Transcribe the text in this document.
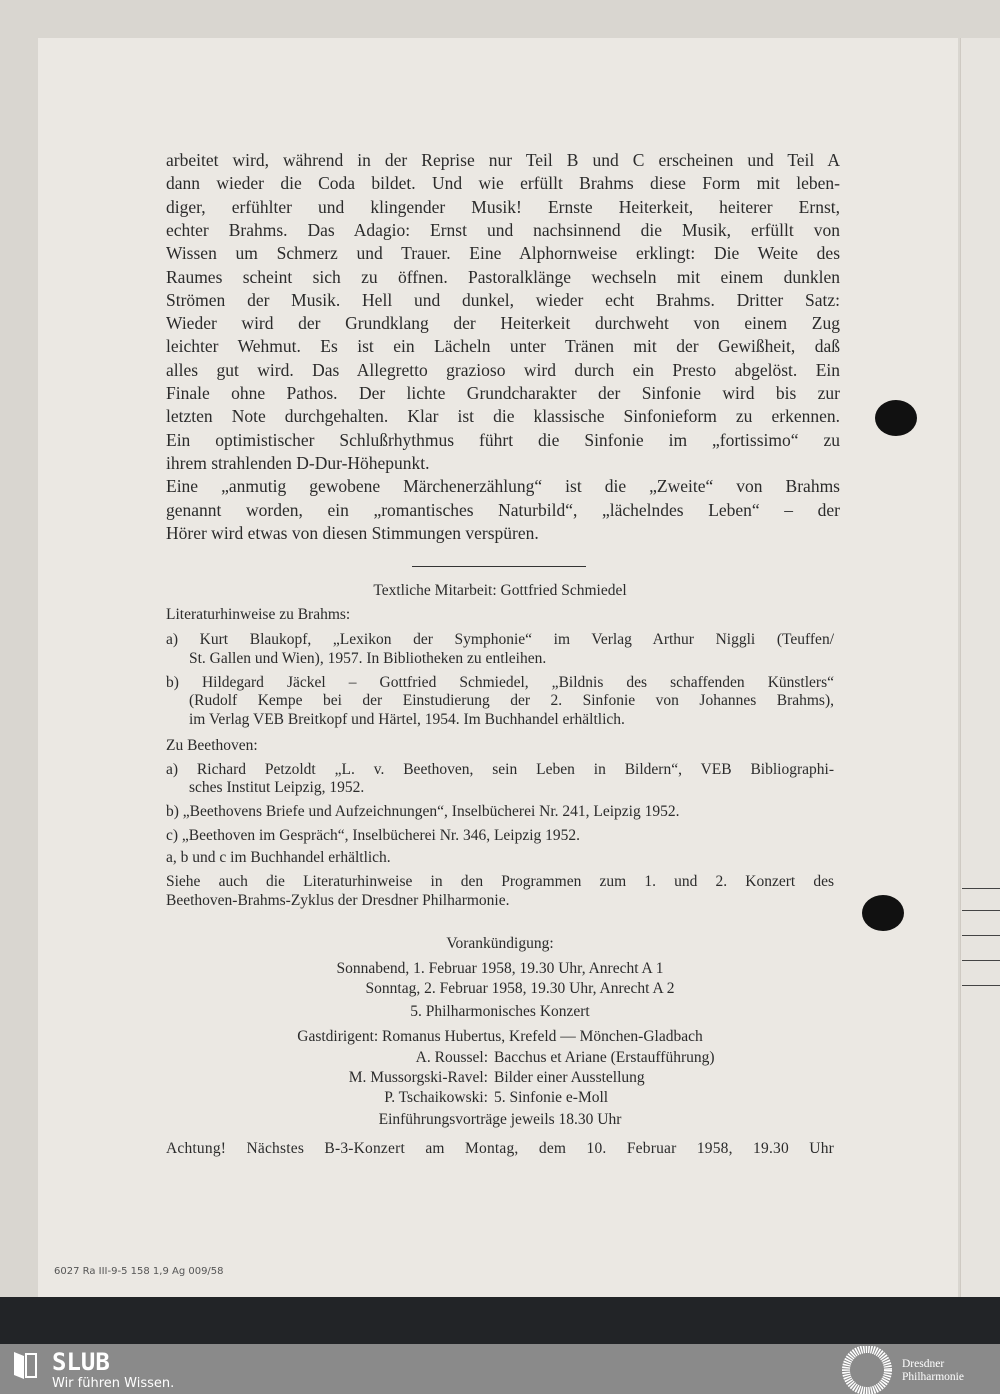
arbeitet wird, während in der Reprise nur Teil B und C erscheinen und Teil A
dann wieder die Coda bildet. Und wie erfüllt Brahms diese Form mit leben-
diger, erfühlter und klingender Musik! Ernste Heiterkeit, heiterer Ernst,
echter Brahms. Das Adagio: Ernst und nachsinnend die Musik, erfüllt von
Wissen um Schmerz und Trauer. Eine Alphornweise erklingt: Die Weite des
Raumes scheint sich zu öffnen. Pastoralklänge wechseln mit einem dunklen
Strömen der Musik. Hell und dunkel, wieder echt Brahms. Dritter Satz:
Wieder wird der Grundklang der Heiterkeit durchweht von einem Zug
leichter Wehmut. Es ist ein Lächeln unter Tränen mit der Gewißheit, daß
alles gut wird. Das Allegretto grazioso wird durch ein Presto abgelöst. Ein
Finale ohne Pathos. Der lichte Grundcharakter der Sinfonie wird bis zur
letzten Note durchgehalten. Klar ist die klassische Sinfonieform zu erkennen.
Ein optimistischer Schlußrhythmus führt die Sinfonie im „fortissimo“ zu
ihrem strahlenden D-Dur-Höhepunkt.
Eine „anmutig gewobene Märchenerzählung“ ist die „Zweite“ von Brahms
genannt worden, ein „romantisches Naturbild“, „lächelndes Leben“ – der
Hörer wird etwas von diesen Stimmungen verspüren.
Textliche Mitarbeit: Gottfried Schmiedel
Literaturhinweise zu Brahms:
a) Kurt Blaukopf, „Lexikon der Symphonie“ im Verlag Arthur Niggli (Teuffen/
St. Gallen und Wien), 1957. In Bibliotheken zu entleihen.
b) Hildegard Jäckel – Gottfried Schmiedel, „Bildnis des schaffenden Künstlers“
(Rudolf Kempe bei der Einstudierung der 2. Sinfonie von Johannes Brahms),
im Verlag VEB Breitkopf und Härtel, 1954. Im Buchhandel erhältlich.
Zu Beethoven:
a) Richard Petzoldt „L. v. Beethoven, sein Leben in Bildern“, VEB Bibliographi-
sches Institut Leipzig, 1952.
b) „Beethovens Briefe und Aufzeichnungen“, Inselbücherei Nr. 241, Leipzig 1952.
c) „Beethoven im Gespräch“, Inselbücherei Nr. 346, Leipzig 1952.
a, b und c im Buchhandel erhältlich.
Siehe auch die Literaturhinweise in den Programmen zum 1. und 2. Konzert des
Beethoven-Brahms-Zyklus der Dresdner Philharmonie.
Vorankündigung:
Sonnabend, 1. Februar 1958, 19.30 Uhr, Anrecht A 1
Sonntag, 2. Februar 1958, 19.30 Uhr, Anrecht A 2
5. Philharmonisches Konzert
Gastdirigent: Romanus Hubertus, Krefeld — Mönchen-Gladbach
A. Roussel: Bacchus et Ariane (Erstaufführung)
M. Mussorgski-Ravel: Bilder einer Ausstellung
P. Tschaikowski: 5. Sinfonie e-Moll
Einführungsvorträge jeweils 18.30 Uhr
Achtung! Nächstes B-3-Konzert am Montag, dem 10. Februar 1958, 19.30 Uhr
6027 Ra III-9-5 158 1,9 Ag 009/58
SLUB
Wir führen Wissen.
Dresdner
Philharmonie
